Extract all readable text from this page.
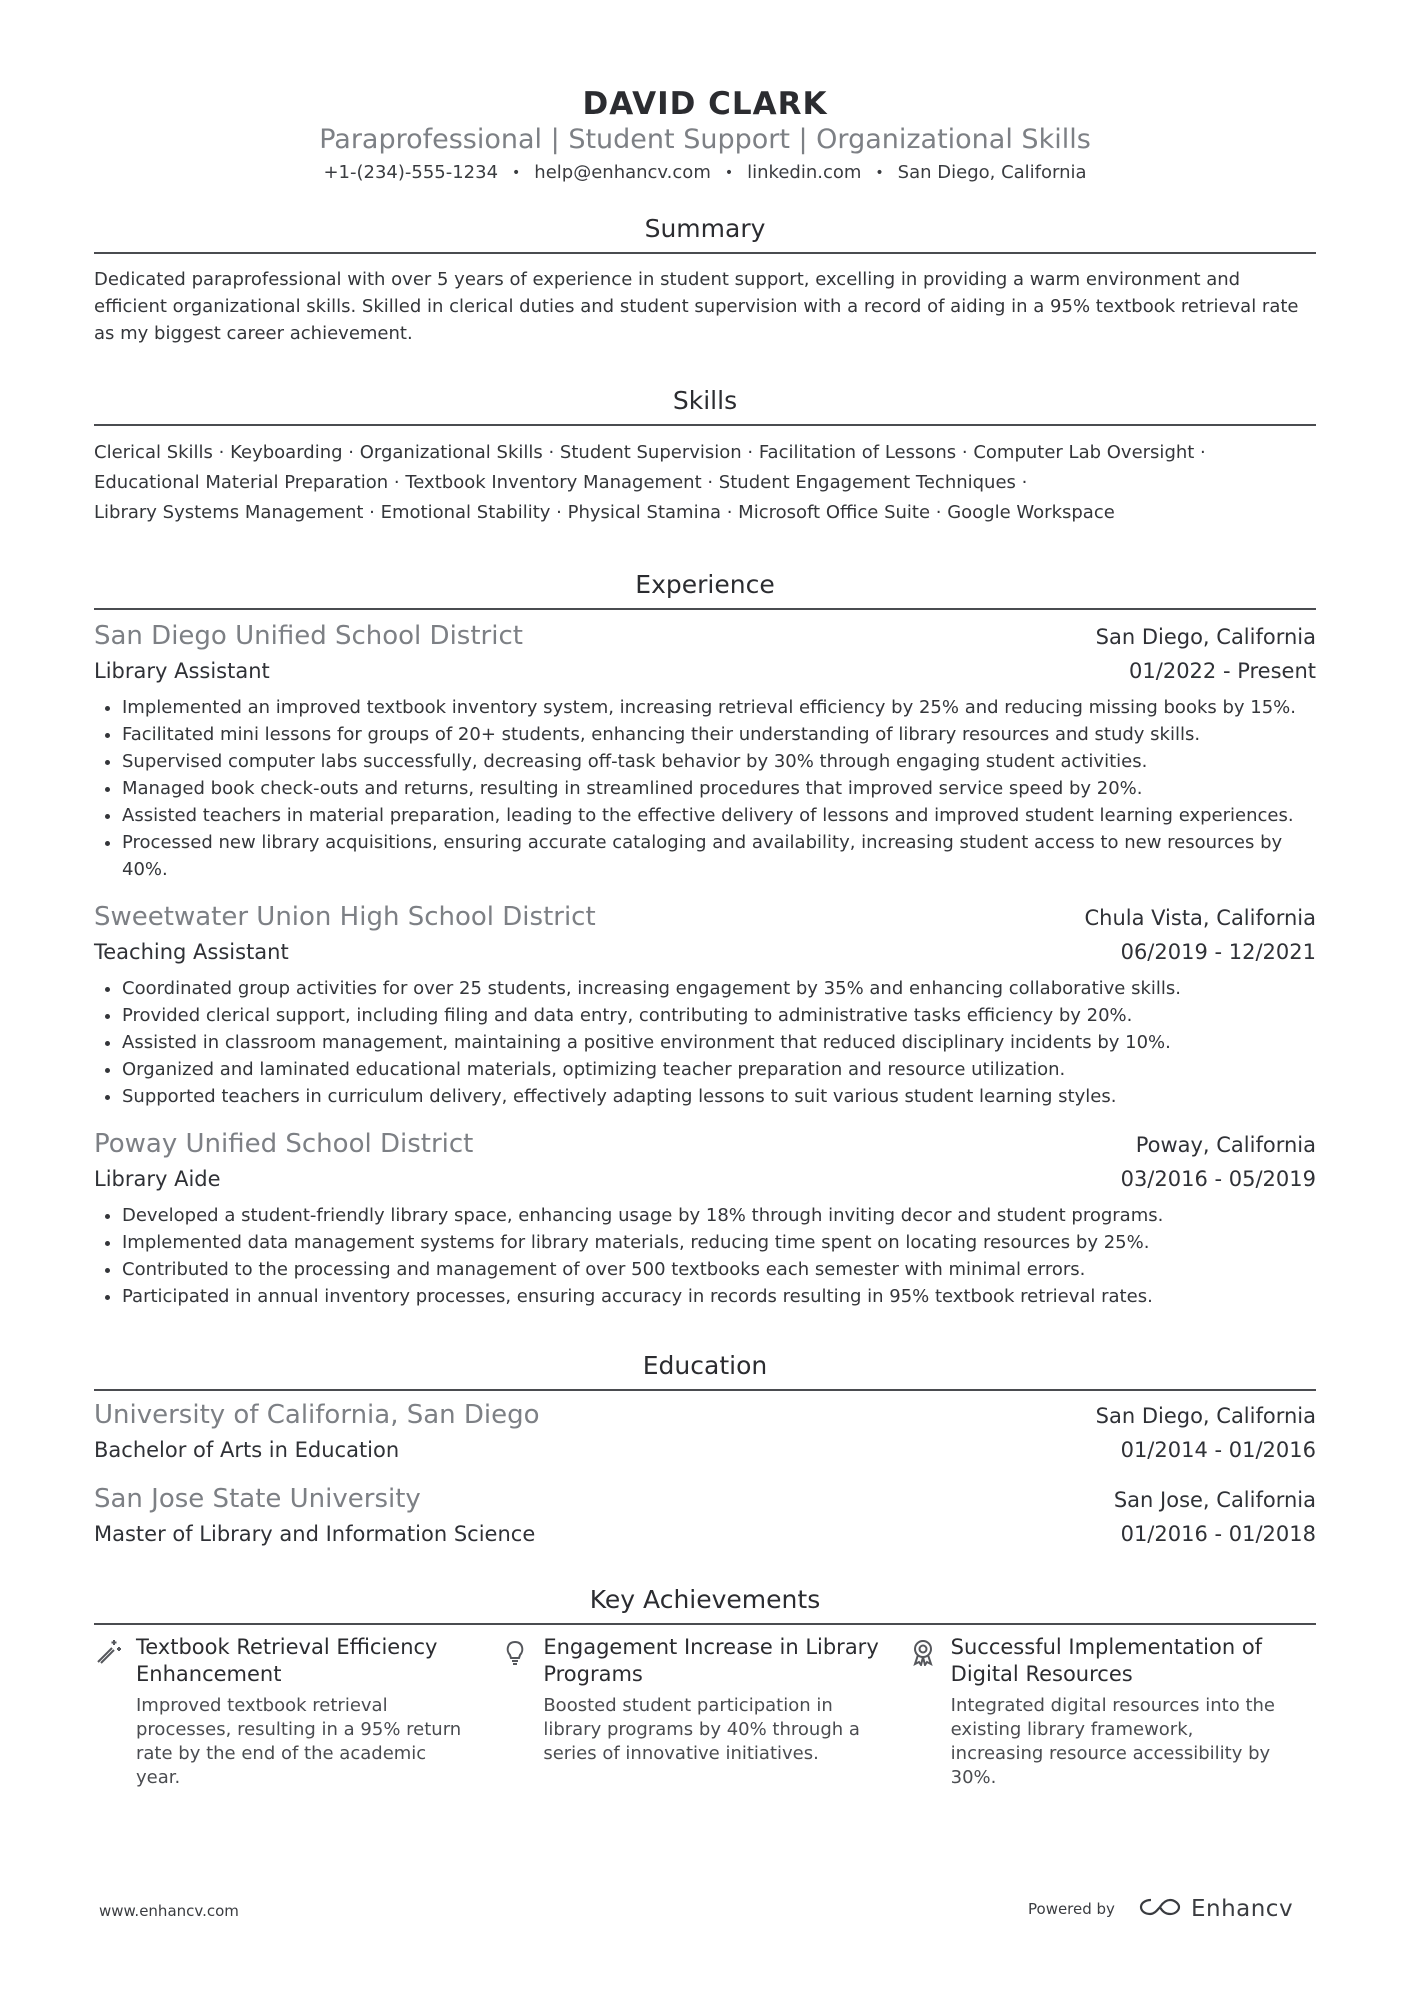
DAVID CLARK
Paraprofessional | Student Support | Organizational Skills
+1-(234)-555-1234 • help@enhancv.com • linkedin.com • San Diego, California
Summary
Dedicated paraprofessional with over 5 years of experience in student support, excelling in providing a warm environment and
efficient organizational skills. Skilled in clerical duties and student supervision with a record of aiding in a 95% textbook retrieval rate
as my biggest career achievement.
Skills
Clerical Skills · Keyboarding · Organizational Skills · Student Supervision · Facilitation of Lessons · Computer Lab Oversight ·
Educational Material Preparation · Textbook Inventory Management · Student Engagement Techniques ·
Library Systems Management · Emotional Stability · Physical Stamina · Microsoft Office Suite · Google Workspace
Experience
San Diego Unified School District	San Diego, California
Library Assistant	01/2022 - Present
• Implemented an improved textbook inventory system, increasing retrieval efficiency by 25% and reducing missing books by 15%.
• Facilitated mini lessons for groups of 20+ students, enhancing their understanding of library resources and study skills.
• Supervised computer labs successfully, decreasing off-task behavior by 30% through engaging student activities.
• Managed book check-outs and returns, resulting in streamlined procedures that improved service speed by 20%.
• Assisted teachers in material preparation, leading to the effective delivery of lessons and improved student learning experiences.
• Processed new library acquisitions, ensuring accurate cataloging and availability, increasing student access to new resources by 40%.
Sweetwater Union High School District	Chula Vista, California
Teaching Assistant	06/2019 - 12/2021
• Coordinated group activities for over 25 students, increasing engagement by 35% and enhancing collaborative skills.
• Provided clerical support, including filing and data entry, contributing to administrative tasks efficiency by 20%.
• Assisted in classroom management, maintaining a positive environment that reduced disciplinary incidents by 10%.
• Organized and laminated educational materials, optimizing teacher preparation and resource utilization.
• Supported teachers in curriculum delivery, effectively adapting lessons to suit various student learning styles.
Poway Unified School District	Poway, California
Library Aide	03/2016 - 05/2019
• Developed a student-friendly library space, enhancing usage by 18% through inviting decor and student programs.
• Implemented data management systems for library materials, reducing time spent on locating resources by 25%.
• Contributed to the processing and management of over 500 textbooks each semester with minimal errors.
• Participated in annual inventory processes, ensuring accuracy in records resulting in 95% textbook retrieval rates.
Education
University of California, San Diego	San Diego, California
Bachelor of Arts in Education	01/2014 - 01/2016
San Jose State University	San Jose, California
Master of Library and Information Science	01/2016 - 01/2018
Key Achievements
Textbook Retrieval Efficiency Enhancement
Improved textbook retrieval processes, resulting in a 95% return rate by the end of the academic year.
Engagement Increase in Library Programs
Boosted student participation in library programs by 40% through a series of innovative initiatives.
Successful Implementation of Digital Resources
Integrated digital resources into the existing library framework, increasing resource accessibility by 30%.
www.enhancv.com	Powered by	Enhancv
